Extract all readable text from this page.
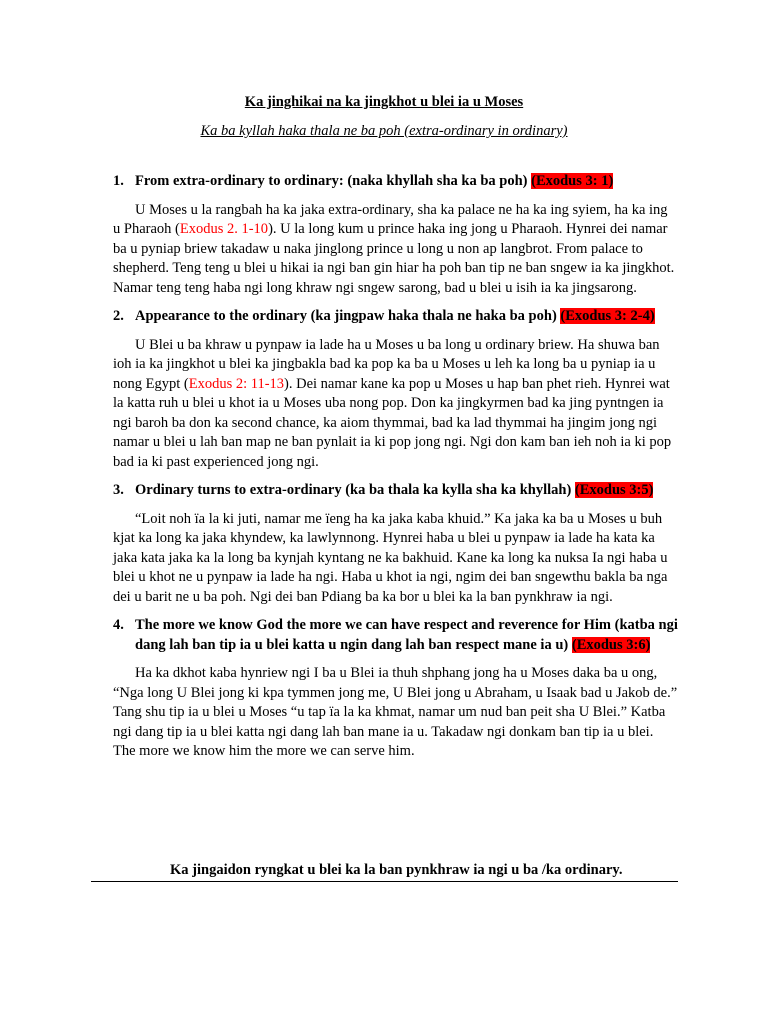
Ka jinghikai na ka jingkhot u blei ia u Moses
Ka ba kyllah haka thala ne ba poh (extra-ordinary in ordinary)
1. From extra-ordinary to ordinary: (naka khyllah sha ka ba poh) (Exodus 3: 1)

U Moses u la rangbah ha ka jaka extra-ordinary, sha ka palace ne ha ka ing syiem, ha ka ing u Pharaoh (Exodus 2. 1-10). U la long kum u prince haka ing jong u Pharaoh. Hynrei dei namar ba u pyniap briew takadaw u naka jinglong prince u long u non ap langbrot. From palace to shepherd. Teng teng u blei u hikai ia ngi ban gin hiar ha poh ban tip ne ban sngew ia ka jingkhot. Namar teng teng haba ngi long khraw ngi sngew sarong, bad u blei u isih ia ka jingsarong.

2. Appearance to the ordinary (ka jingpaw haka thala ne haka ba poh) (Exodus 3: 2-4)

U Blei u ba khraw u pynpaw ia lade ha u Moses u ba long u ordinary briew. Ha shuwa ban ioh ia ka jingkhot u blei ka jingbakla bad ka pop ka ba u Moses u leh ka long ba u pyniap ia u nong Egypt (Exodus 2: 11-13). Dei namar kane ka pop u Moses u hap ban phet rieh. Hynrei wat la katta ruh u blei u khot ia u Moses uba nong pop. Don ka jingkyrmen bad ka jing pyntngen ia ngi baroh ba don ka second chance, ka aiom thymmai, bad ka lad thymmai ha jingim jong ngi namar u blei u lah ban map ne ban pynlait ia ki pop jong ngi. Ngi don kam ban ieh noh ia ki pop bad ia ki past experienced jong ngi.

3. Ordinary turns to extra-ordinary (ka ba thala ka kylla sha ka khyllah) (Exodus 3:5)

“Loit noh ïa la ki juti, namar me ïeng ha ka jaka kaba khuid.” Ka jaka ka ba u Moses u buh kjat ka long ka jaka khyndew, ka lawlynnong. Hynrei haba u blei u pynpaw ia lade ha kata ka jaka kata jaka ka la long ba kynjah kyntang ne ka bakhuid. Kane ka long ka nuksa Ia ngi haba u blei u khot ne u pynpaw ia lade ha ngi. Haba u khot ia ngi, ngim dei ban sngewthu bakla ba nga dei u barit ne u ba poh. Ngi dei ban Pdiang ba ka bor u blei ka la ban pynkhraw ia ngi.

4. The more we know God the more we can have respect and reverence for Him (katba ngi dang lah ban tip ia u blei katta u ngin dang lah ban respect mane ia u) (Exodus 3:6)

Ha ka dkhot kaba hynriew ngi I ba u Blei ia thuh shphang jong ha u Moses daka ba u ong, “Nga long U Blei jong ki kpa tymmen jong me, U Blei jong u Abraham, u Isaak bad u Jakob de.” Tang shu tip ia u blei u Moses “u tap ïa la ka khmat, namar um nud ban peit sha U Blei.” Katba ngi dang tip ia u blei katta ngi dang lah ban mane ia u. Takadaw ngi donkam ban tip ia u blei. The more we know him the more we can serve him.

Ka jingaidon ryngkat u blei ka la ban pynkhraw ia ngi u ba /ka ordinary.
